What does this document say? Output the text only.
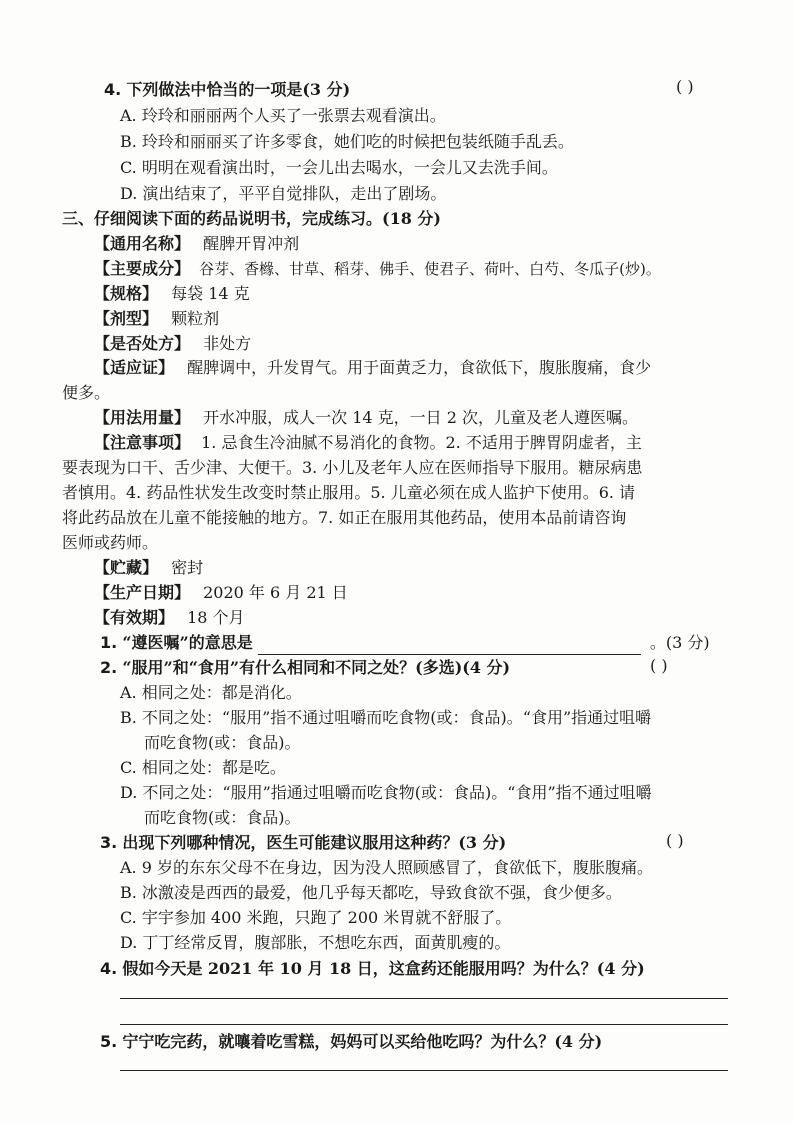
4. 下列做法中恰当的一项是(3 分)	( )
A. 玲玲和丽丽两个人买了一张票去观看演出。
B. 玲玲和丽丽买了许多零食，她们吃的时候把包装纸随手乱丢。
C. 明明在观看演出时，一会儿出去喝水，一会儿又去洗手间。
D. 演出结束了，平平自觉排队，走出了剧场。
三、仔细阅读下面的药品说明书，完成练习。(18 分)
【通用名称】 醒脾开胃冲剂
【主要成分】 谷芽、香橼、甘草、稻芽、佛手、使君子、荷叶、白芍、冬瓜子(炒)。
【规格】 每袋 14 克
【剂型】 颗粒剂
【是否处方】 非处方
【适应证】 醒脾调中，升发胃气。用于面黄乏力，食欲低下，腹胀腹痛，食少
便多。
【用法用量】 开水冲服，成人一次 14 克，一日 2 次，儿童及老人遵医嘱。
【注意事项】 1. 忌食生冷油腻不易消化的食物。2. 不适用于脾胃阴虚者，主
要表现为口干、舌少津、大便干。3. 小儿及老年人应在医师指导下服用。糖尿病患
者慎用。4. 药品性状发生改变时禁止服用。5. 儿童必须在成人监护下使用。6. 请
将此药品放在儿童不能接触的地方。7. 如正在服用其他药品，使用本品前请咨询
医师或药师。
【贮藏】 密封
【生产日期】 2020 年 6 月 21 日
【有效期】 18 个月
1. “遵医嘱”的意思是	。(3 分)
2. “服用”和“食用”有什么相同和不同之处？(多选)(4 分)	( )
A. 相同之处：都是消化。
B. 不同之处：“服用”指不通过咀嚼而吃食物(或：食品)。“食用”指通过咀嚼
而吃食物(或：食品)。
C. 相同之处：都是吃。
D. 不同之处：“服用”指通过咀嚼而吃食物(或：食品)。“食用”指不通过咀嚼
而吃食物(或：食品)。
3. 出现下列哪种情况，医生可能建议服用这种药？(3 分)	( )
A. 9 岁的东东父母不在身边，因为没人照顾感冒了，食欲低下，腹胀腹痛。
B. 冰激凌是西西的最爱，他几乎每天都吃，导致食欲不强，食少便多。
C. 宇宇参加 400 米跑，只跑了 200 米胃就不舒服了。
D. 丁丁经常反胃，腹部胀，不想吃东西，面黄肌瘦的。
4. 假如今天是 2021 年 10 月 18 日，这盒药还能服用吗？为什么？(4 分)
5. 宁宁吃完药，就嚷着吃雪糕，妈妈可以买给他吃吗？为什么？(4 分)
